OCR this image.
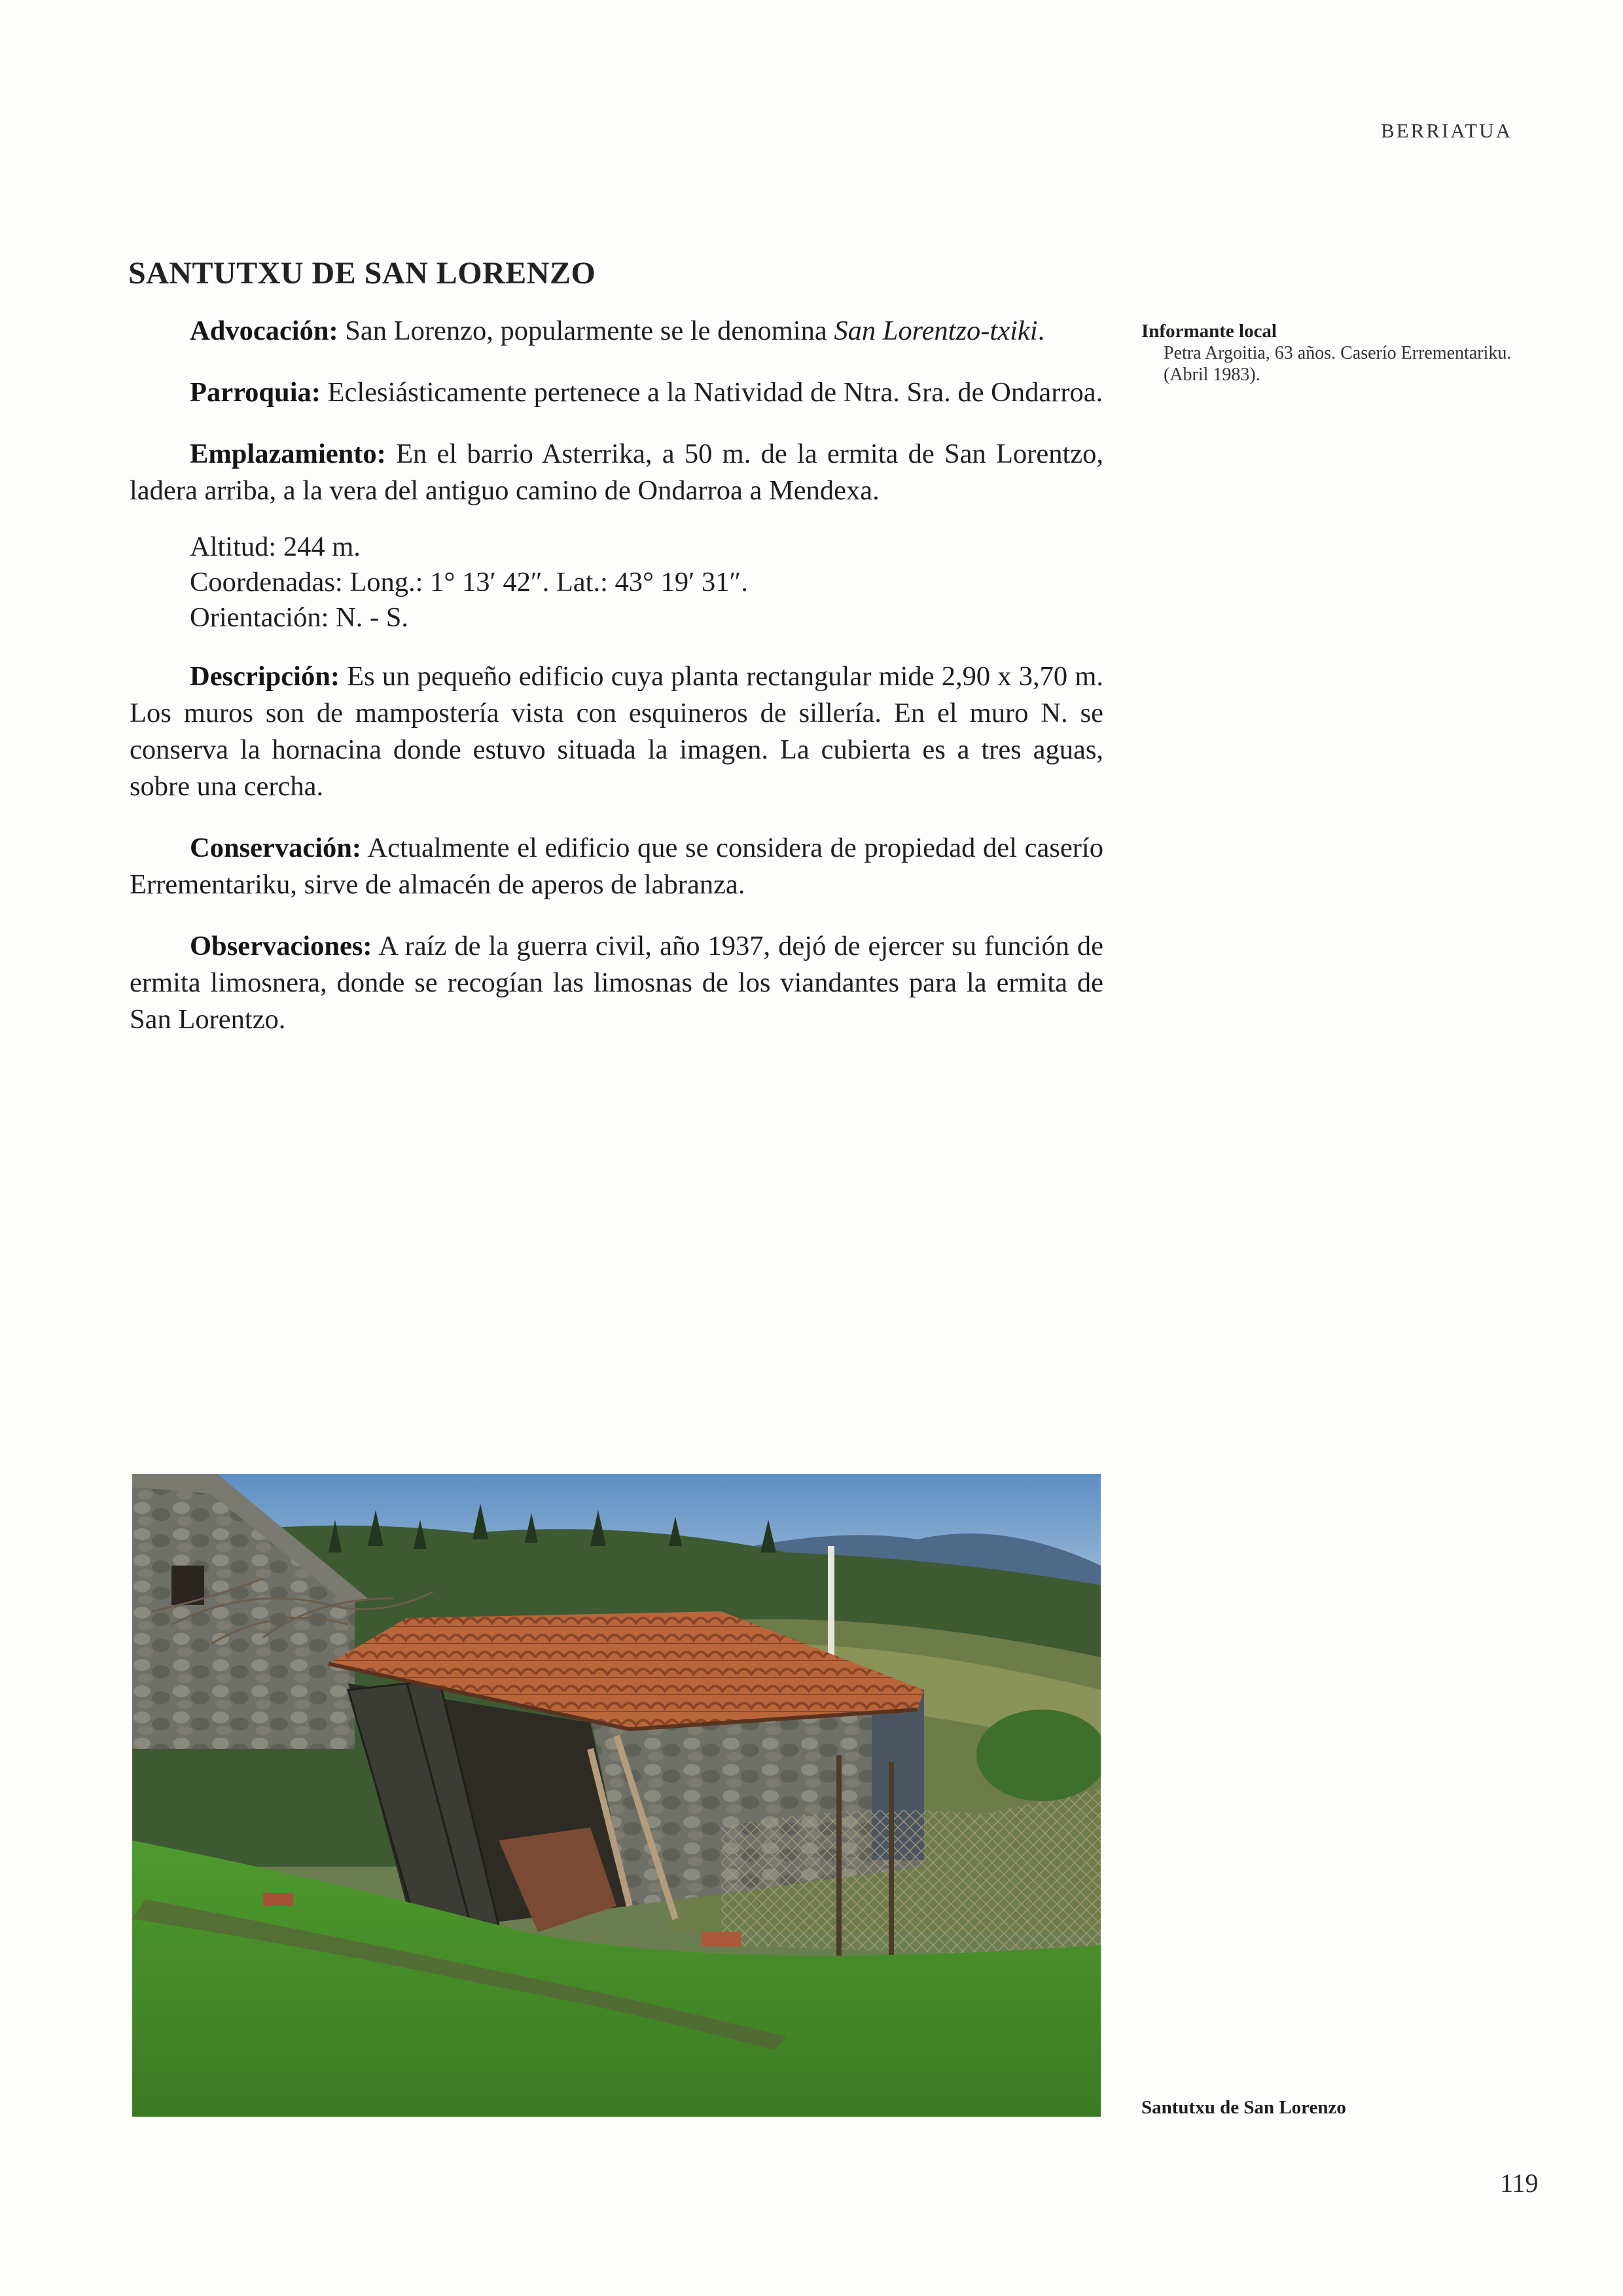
BERRIATUA
SANTUTXU DE SAN LORENZO

Advocación: San Lorenzo, popularmente se le denomina San Lorentzo-txiki.

Parroquia: Eclesiásticamente pertenece a la Natividad de Ntra. Sra. de Ondarroa.

Emplazamiento: En el barrio Asterrika, a 50 m. de la ermita de San Lorentzo, ladera arriba, a la vera del antiguo camino de Ondarroa a Mendexa.

Altitud: 244 m.
Coordenadas: Long.: 1° 13′ 42″. Lat.: 43° 19′ 31″.
Orientación: N. - S.

Descripción: Es un pequeño edificio cuya planta rectangular mide 2,90 x 3,70 m. Los muros son de mampostería vista con esquineros de sillería. En el muro N. se conserva la hornacina donde estuvo situada la imagen. La cubierta es a tres aguas, sobre una cercha.

Conservación: Actualmente el edificio que se considera de propiedad del caserío Errementariku, sirve de almacén de aperos de labranza.

Observaciones: A raíz de la guerra civil, año 1937, dejó de ejercer su función de ermita limosnera, donde se recogían las limosnas de los viandantes para la ermita de San Lorentzo.

Informante local
Petra Argoitia, 63 años. Caserío Errementariku. (Abril 1983).
Santutxu de San Lorenzo
119
